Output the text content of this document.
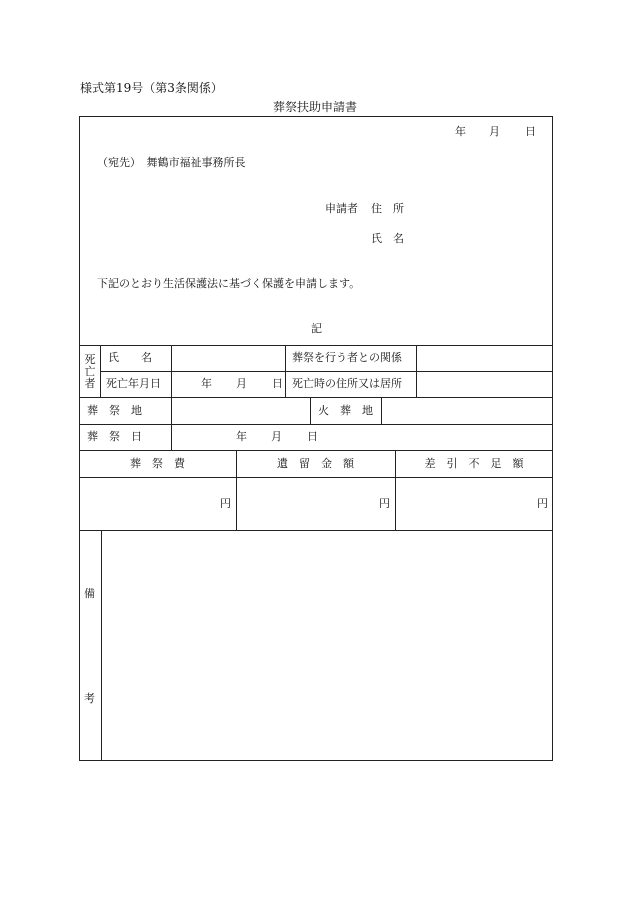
様式第19号（第3条関係）
葬祭扶助申請書
年 月 日
（宛先）　舞鶴市福祉事務所長
申請者 住　所
氏　名
下記のとおり生活保護法に基づく保護を申請します。
記
死
亡
者
氏　　名	葬祭を行う者との関係
死亡年月日	年 月 日 死亡時の住所又は居所
葬　祭　地	火　葬　地
葬　祭　日	年 月 日
葬　祭　費	遺　留　金　額	差　引　不　足　額
円	円	円
備
考
